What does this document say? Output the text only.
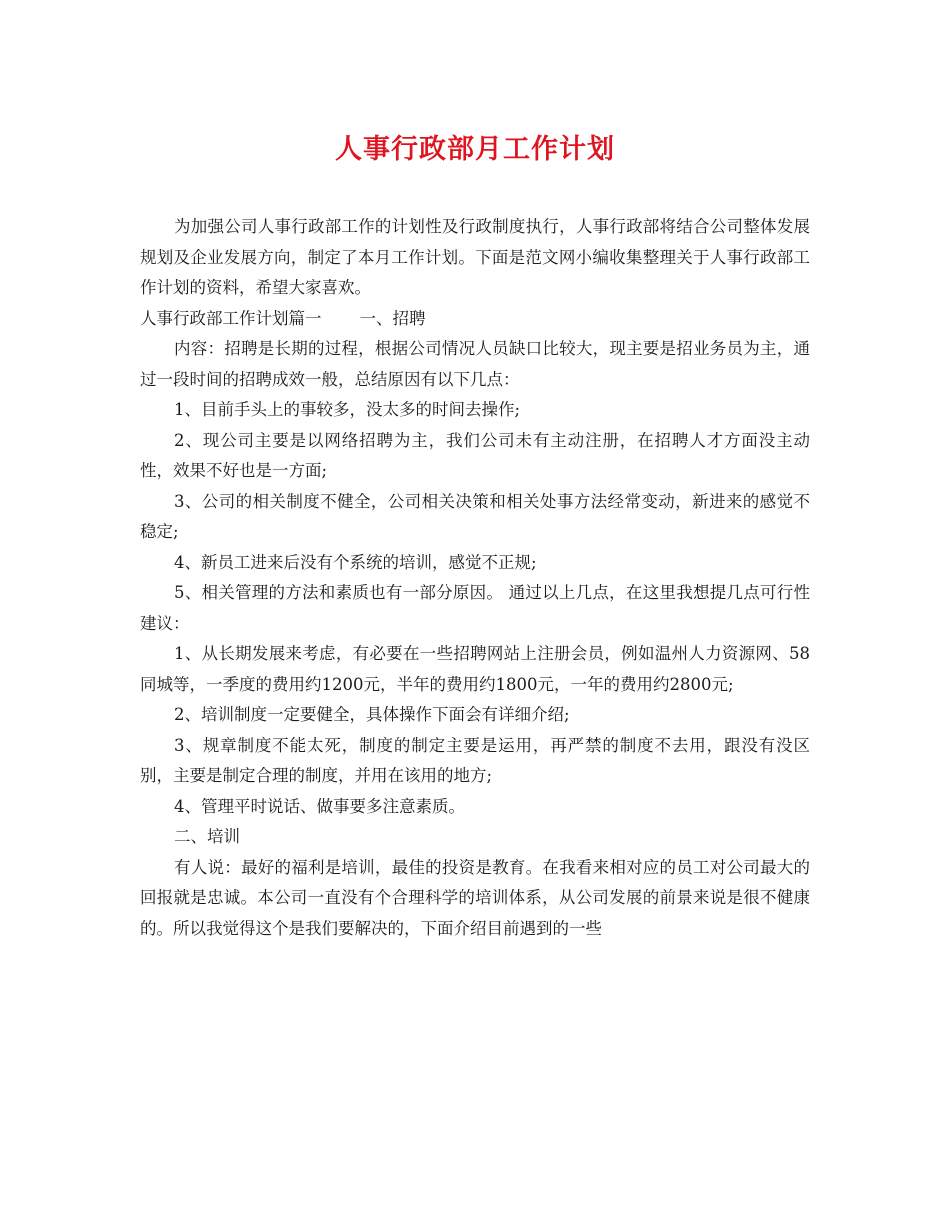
人事行政部月工作计划

为加强公司人事行政部工作的计划性及行政制度执行，人事行政部将结合公司整体发展规划及企业发展方向，制定了本月工作计划。下面是范文网小编收集整理关于人事行政部工作计划的资料，希望大家喜欢。

人事行政部工作计划篇一 一、招聘

内容：招聘是长期的过程，根据公司情况人员缺口比较大，现主要是招业务员为主，通过一段时间的招聘成效一般，总结原因有以下几点：

1、目前手头上的事较多，没太多的时间去操作;

2、现公司主要是以网络招聘为主，我们公司未有主动注册，在招聘人才方面没主动性，效果不好也是一方面;

3、公司的相关制度不健全，公司相关决策和相关处事方法经常变动，新进来的感觉不稳定;

4、新员工进来后没有个系统的培训，感觉不正规;

5、相关管理的方法和素质也有一部分原因。 通过以上几点，在这里我想提几点可行性建议：

1、从长期发展来考虑，有必要在一些招聘网站上注册会员，例如温州人力资源网、58同城等，一季度的费用约1200元，半年的费用约1800元，一年的费用约2800元;

2、培训制度一定要健全，具体操作下面会有详细介绍;

3、规章制度不能太死，制度的制定主要是运用，再严禁的制度不去用，跟没有没区别，主要是制定合理的制度，并用在该用的地方;

4、管理平时说话、做事要多注意素质。

二、培训

有人说：最好的福利是培训，最佳的投资是教育。在我看来相对应的员工对公司最大的回报就是忠诚。本公司一直没有个合理科学的培训体系，从公司发展的前景来说是很不健康的。所以我觉得这个是我们要解决的，下面介绍目前遇到的一些
